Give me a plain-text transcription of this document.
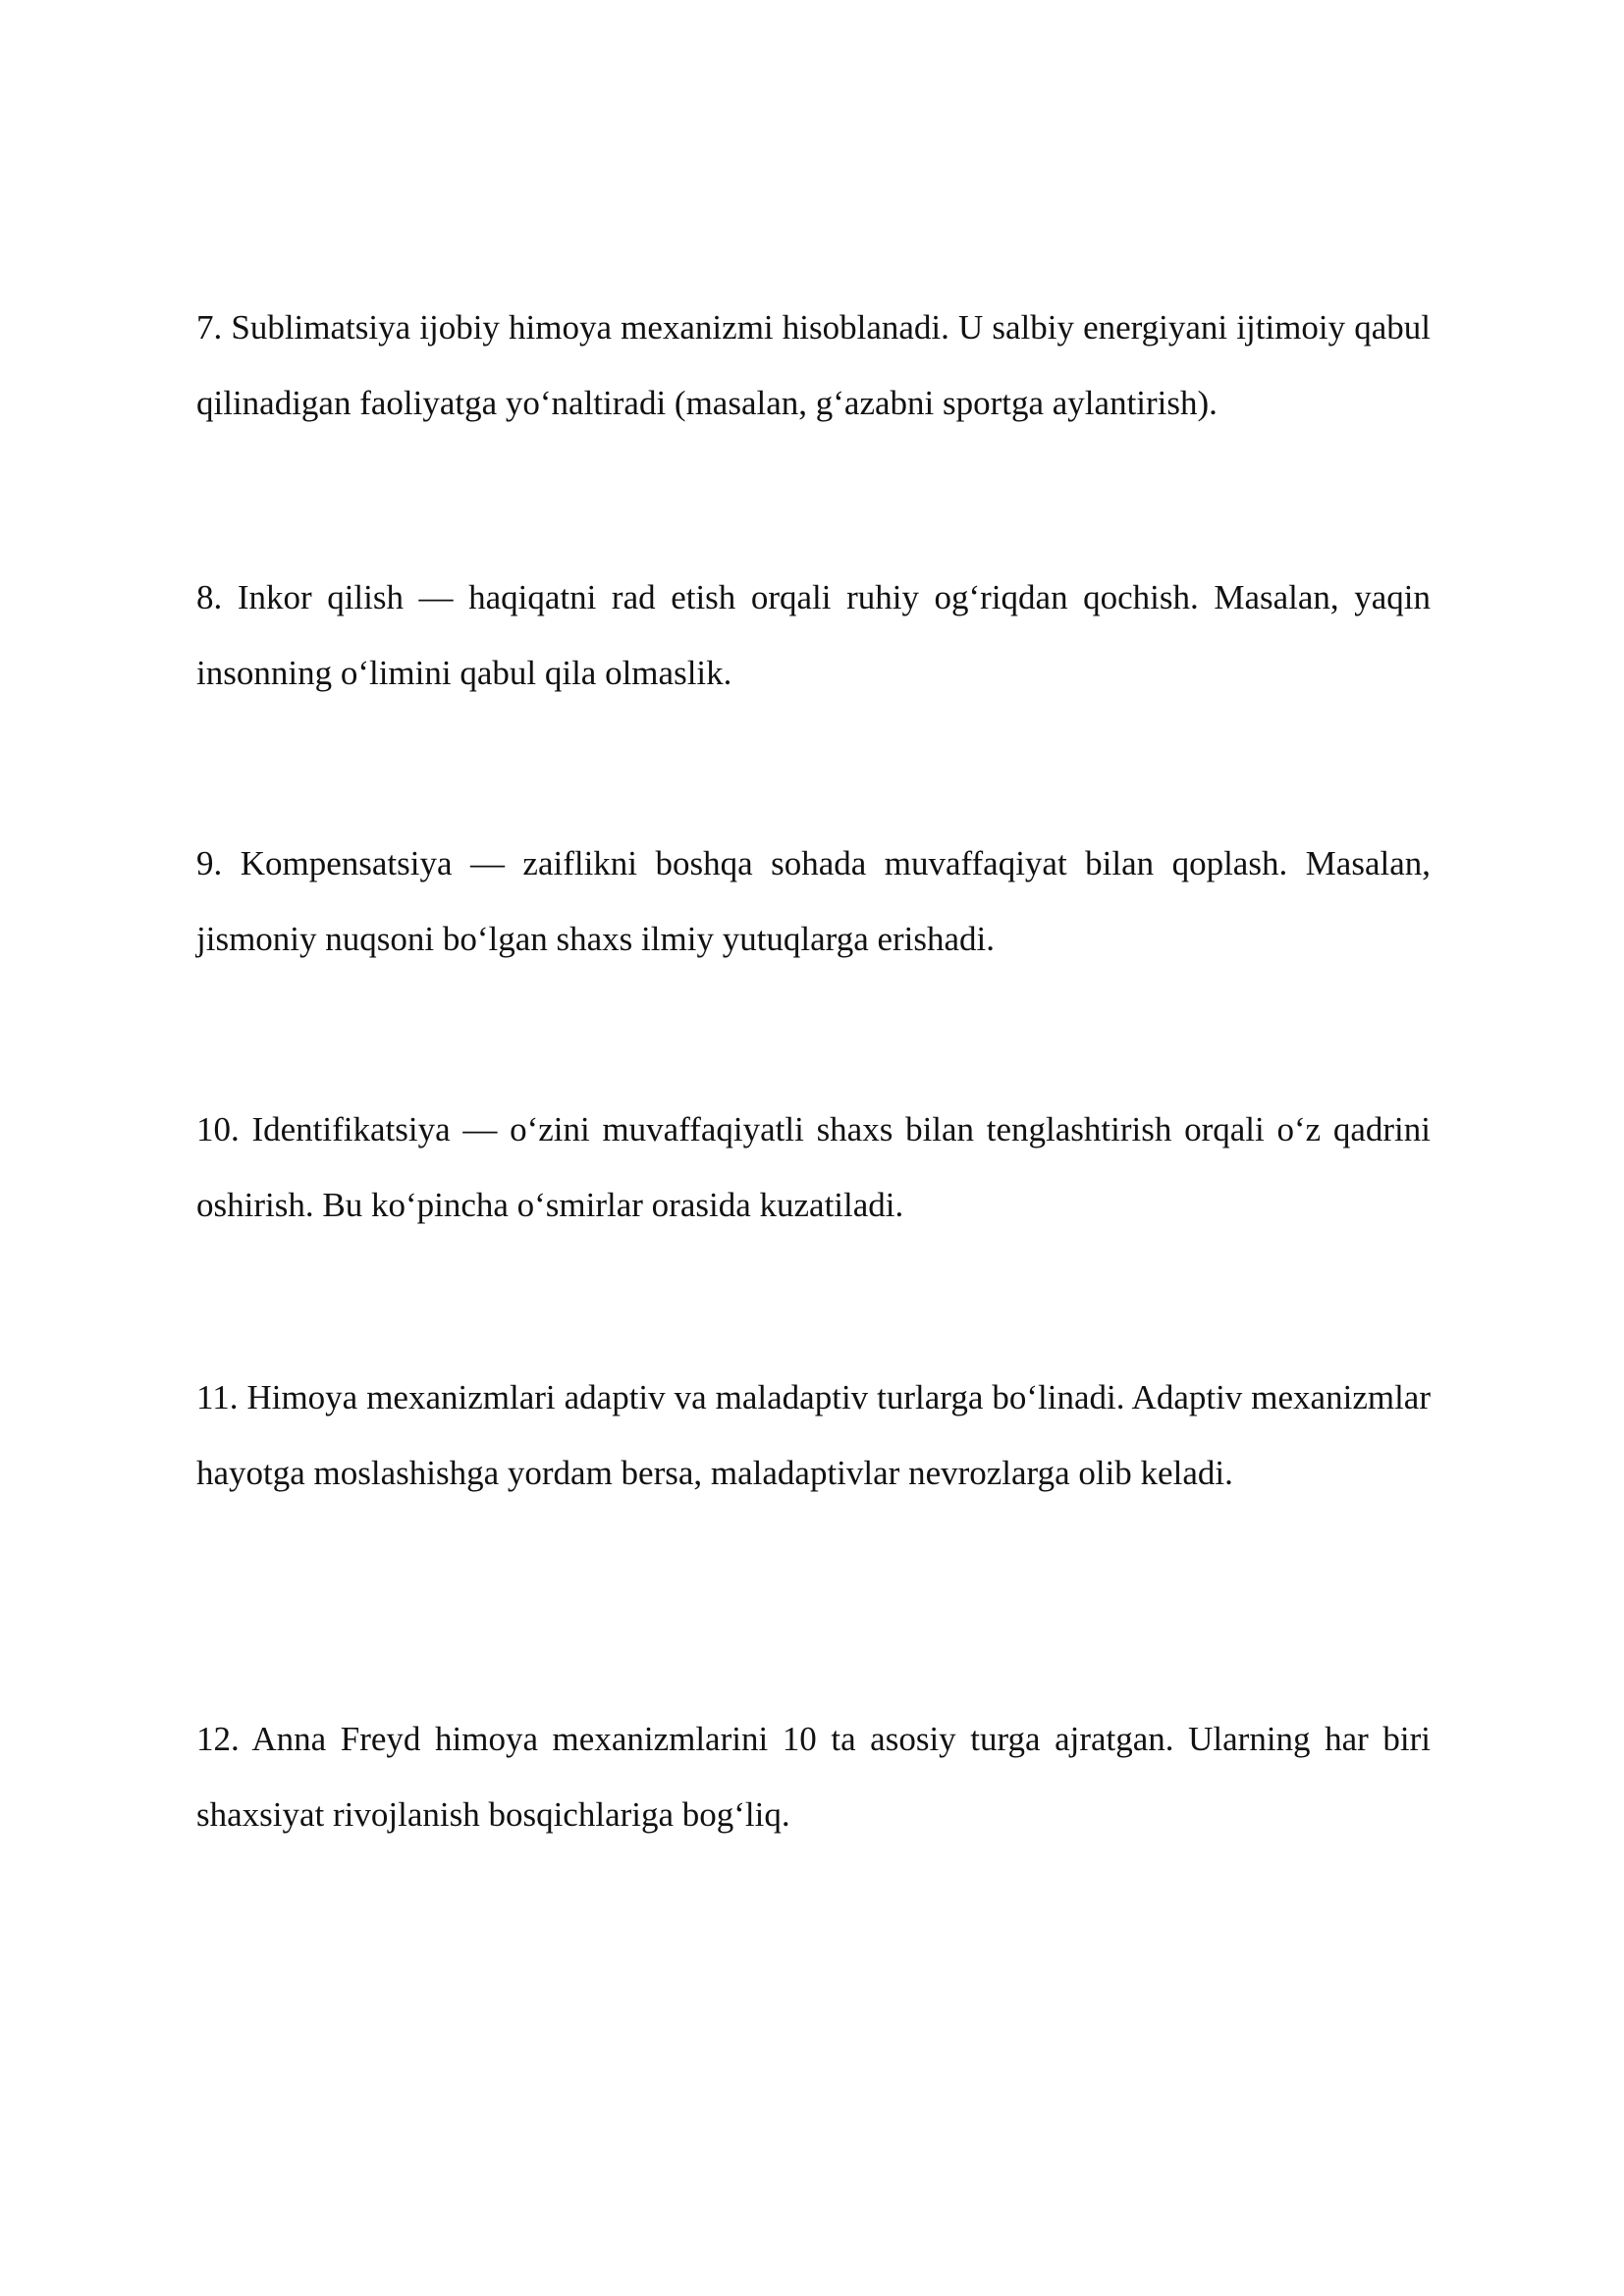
7. Sublimatsiya ijobiy himoya mexanizmi hisoblanadi. U salbiy energiyani ijtimoiy qabul qilinadigan faoliyatga yo‘naltiradi (masalan, g‘azabni sportga aylantirish).

8. Inkor qilish — haqiqatni rad etish orqali ruhiy og‘riqdan qochish. Masalan, yaqin insonning o‘limini qabul qila olmaslik.

9. Kompensatsiya — zaiflikni boshqa sohada muvaffaqiyat bilan qoplash. Masalan, jismoniy nuqsoni bo‘lgan shaxs ilmiy yutuqlarga erishadi.

10. Identifikatsiya — o‘zini muvaffaqiyatli shaxs bilan tenglashtirish orqali o‘z qadrini oshirish. Bu ko‘pincha o‘smirlar orasida kuzatiladi.

11. Himoya mexanizmlari adaptiv va maladaptiv turlarga bo‘linadi. Adaptiv mexanizmlar hayotga moslashishga yordam bersa, maladaptivlar nevrozlarga olib keladi.

12. Anna Freyd himoya mexanizmlarini 10 ta asosiy turga ajratgan. Ularning har biri shaxsiyat rivojlanish bosqichlariga bog‘liq.
